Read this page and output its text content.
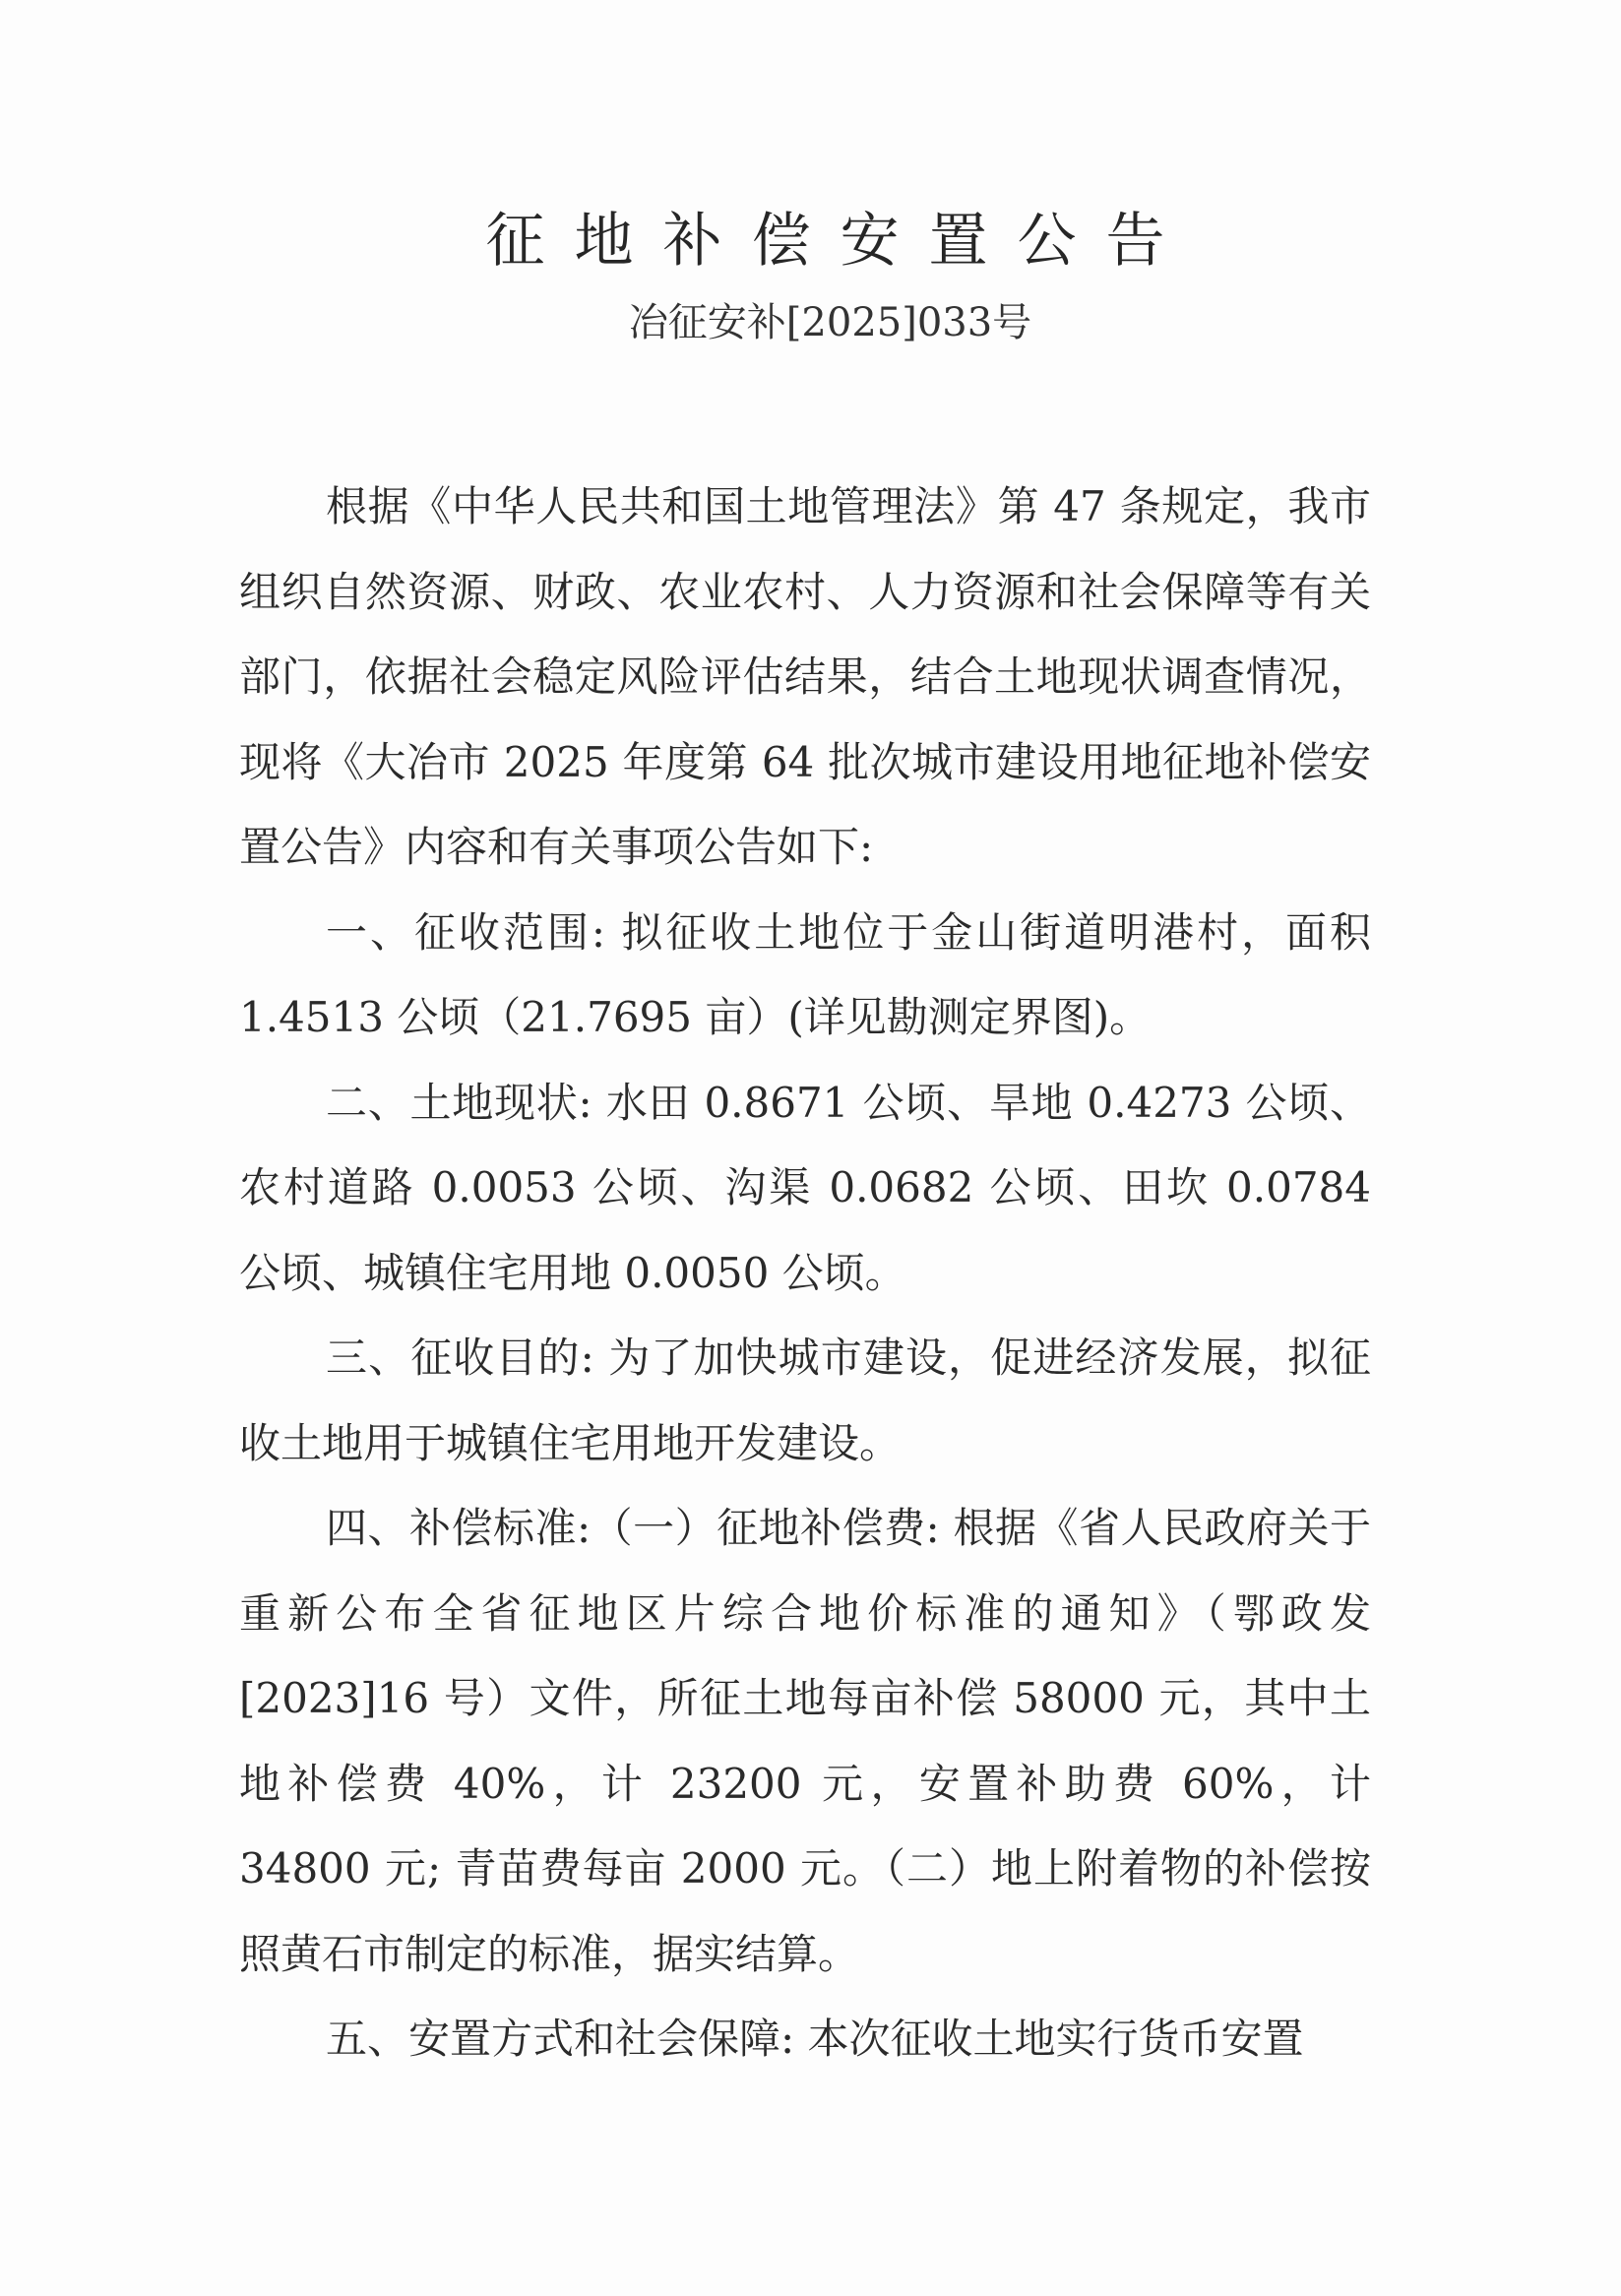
征地补偿安置公告
冶征安补[2025]033号

根据《中华人民共和国土地管理法》第 47 条规定，我市组织自然资源、财政、农业农村、人力资源和社会保障等有关部门，依据社会稳定风险评估结果，结合土地现状调查情况，现将《大冶市 2025 年度第 64 批次城市建设用地征地补偿安置公告》内容和有关事项公告如下:

一、征收范围: 拟征收土地位于金山街道明港村，面积1.4513 公顷（21.7695 亩）(详见勘测定界图)。

二、土地现状: 水田 0.8671 公顷、旱地 0.4273 公顷、农村道路 0.0053 公顷、沟渠 0.0682 公顷、田坎 0.0784 公顷、城镇住宅用地 0.0050 公顷。

三、征收目的: 为了加快城市建设，促进经济发展，拟征收土地用于城镇住宅用地开发建设。

四、补偿标准:（一）征地补偿费: 根据《省人民政府关于重新公布全省征地区片综合地价标准的通知》（鄂政发[2023]16 号）文件，所征土地每亩补偿 58000 元，其中土地补偿费 40%，计 23200 元，安置补助费 60%，计 34800 元; 青苗费每亩 2000 元。（二）地上附着物的补偿按照黄石市制定的标准，据实结算。

五、安置方式和社会保障: 本次征收土地实行货币安置
